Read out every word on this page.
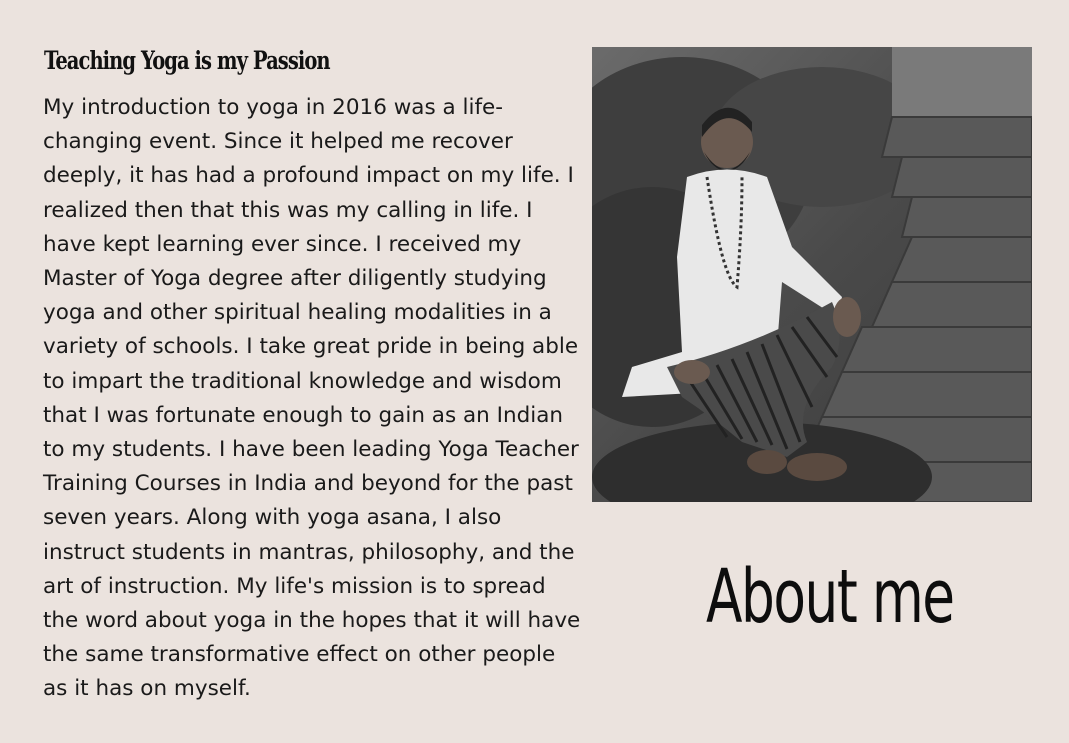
Teaching Yoga is my Passion

My introduction to yoga in 2016 was a life-changing event. Since it helped me recover deeply, it has had a profound impact on my life. I realized then that this was my calling in life. I have kept learning ever since. I received my Master of Yoga degree after diligently studying yoga and other spiritual healing modalities in a variety of schools. I take great pride in being able to impart the traditional knowledge and wisdom that I was fortunate enough to gain as an Indian to my students. I have been leading Yoga Teacher Training Courses in India and beyond for the past seven years. Along with yoga asana, I also instruct students in mantras, philosophy, and the art of instruction. My life's mission is to spread the word about yoga in the hopes that it will have the same transformative effect on other people as it has on myself.

About me
